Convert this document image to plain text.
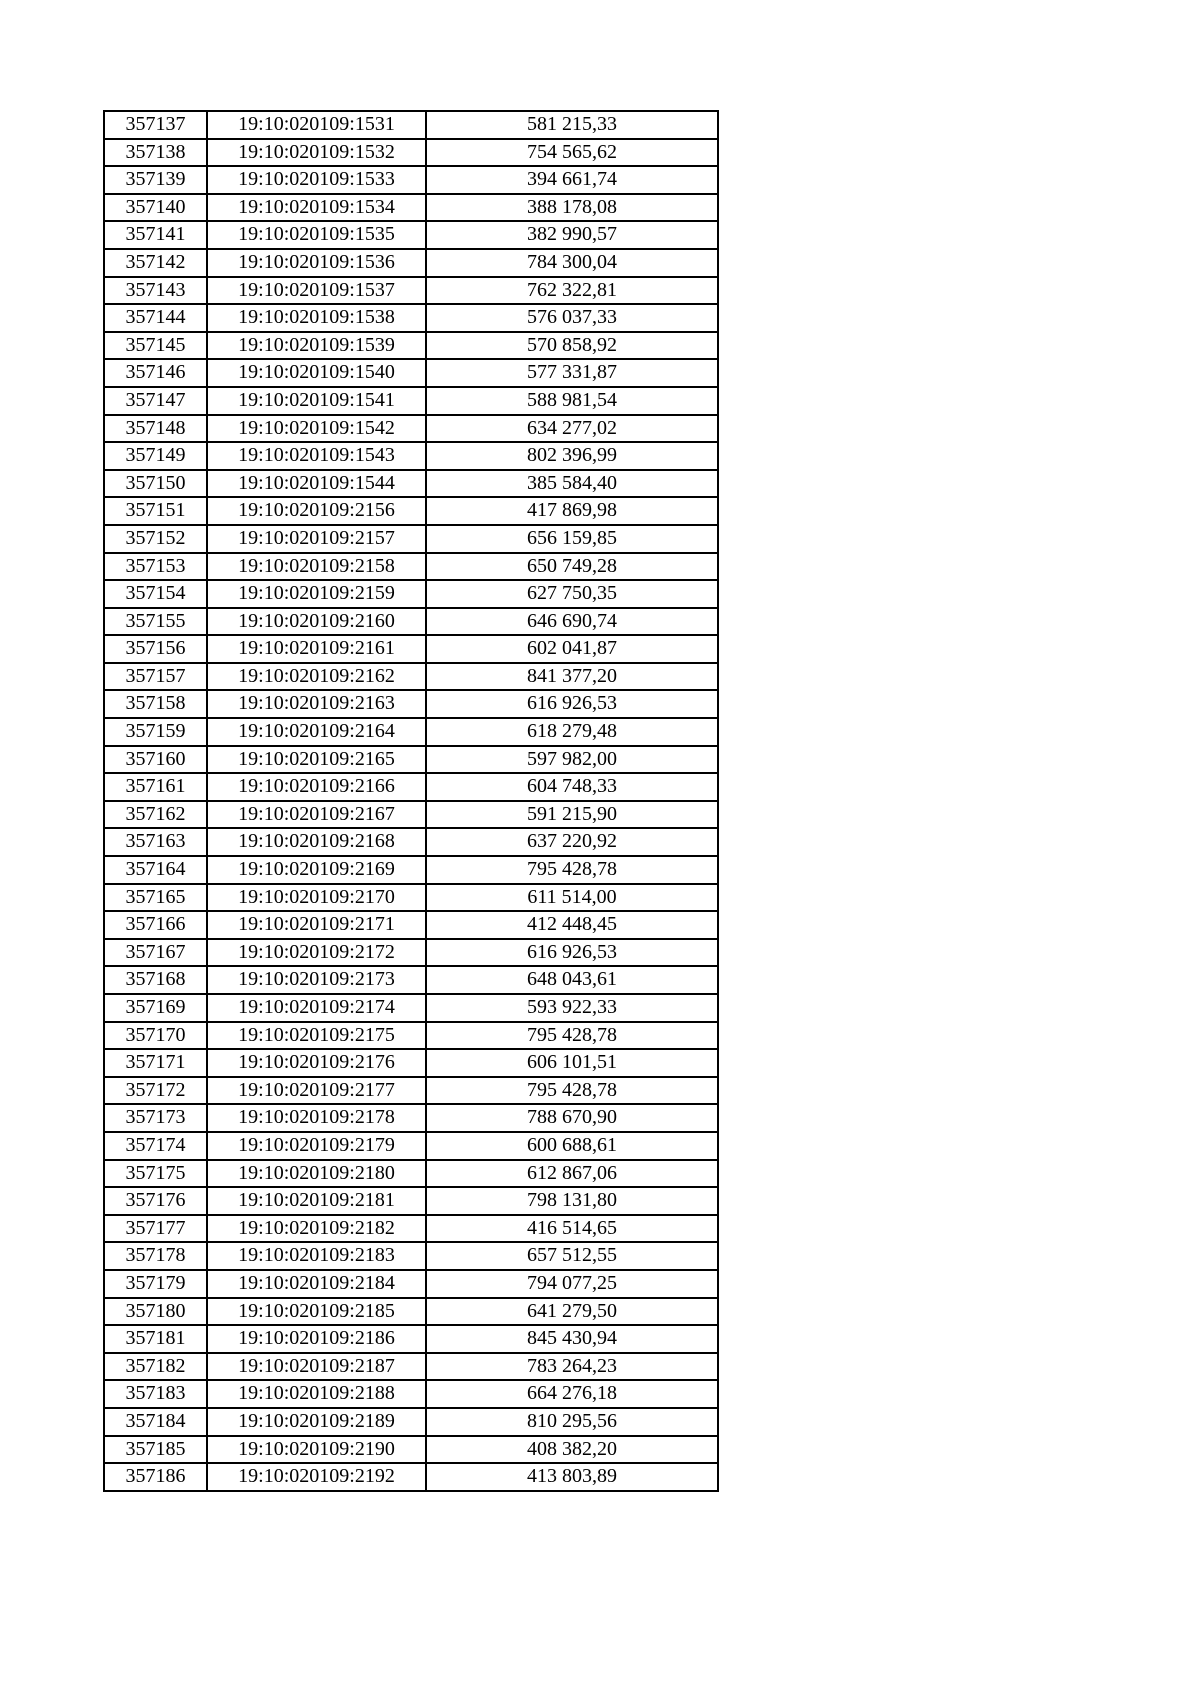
357137	19:10:020109:1531	581 215,33
357138	19:10:020109:1532	754 565,62
357139	19:10:020109:1533	394 661,74
357140	19:10:020109:1534	388 178,08
357141	19:10:020109:1535	382 990,57
357142	19:10:020109:1536	784 300,04
357143	19:10:020109:1537	762 322,81
357144	19:10:020109:1538	576 037,33
357145	19:10:020109:1539	570 858,92
357146	19:10:020109:1540	577 331,87
357147	19:10:020109:1541	588 981,54
357148	19:10:020109:1542	634 277,02
357149	19:10:020109:1543	802 396,99
357150	19:10:020109:1544	385 584,40
357151	19:10:020109:2156	417 869,98
357152	19:10:020109:2157	656 159,85
357153	19:10:020109:2158	650 749,28
357154	19:10:020109:2159	627 750,35
357155	19:10:020109:2160	646 690,74
357156	19:10:020109:2161	602 041,87
357157	19:10:020109:2162	841 377,20
357158	19:10:020109:2163	616 926,53
357159	19:10:020109:2164	618 279,48
357160	19:10:020109:2165	597 982,00
357161	19:10:020109:2166	604 748,33
357162	19:10:020109:2167	591 215,90
357163	19:10:020109:2168	637 220,92
357164	19:10:020109:2169	795 428,78
357165	19:10:020109:2170	611 514,00
357166	19:10:020109:2171	412 448,45
357167	19:10:020109:2172	616 926,53
357168	19:10:020109:2173	648 043,61
357169	19:10:020109:2174	593 922,33
357170	19:10:020109:2175	795 428,78
357171	19:10:020109:2176	606 101,51
357172	19:10:020109:2177	795 428,78
357173	19:10:020109:2178	788 670,90
357174	19:10:020109:2179	600 688,61
357175	19:10:020109:2180	612 867,06
357176	19:10:020109:2181	798 131,80
357177	19:10:020109:2182	416 514,65
357178	19:10:020109:2183	657 512,55
357179	19:10:020109:2184	794 077,25
357180	19:10:020109:2185	641 279,50
357181	19:10:020109:2186	845 430,94
357182	19:10:020109:2187	783 264,23
357183	19:10:020109:2188	664 276,18
357184	19:10:020109:2189	810 295,56
357185	19:10:020109:2190	408 382,20
357186	19:10:020109:2192	413 803,89
